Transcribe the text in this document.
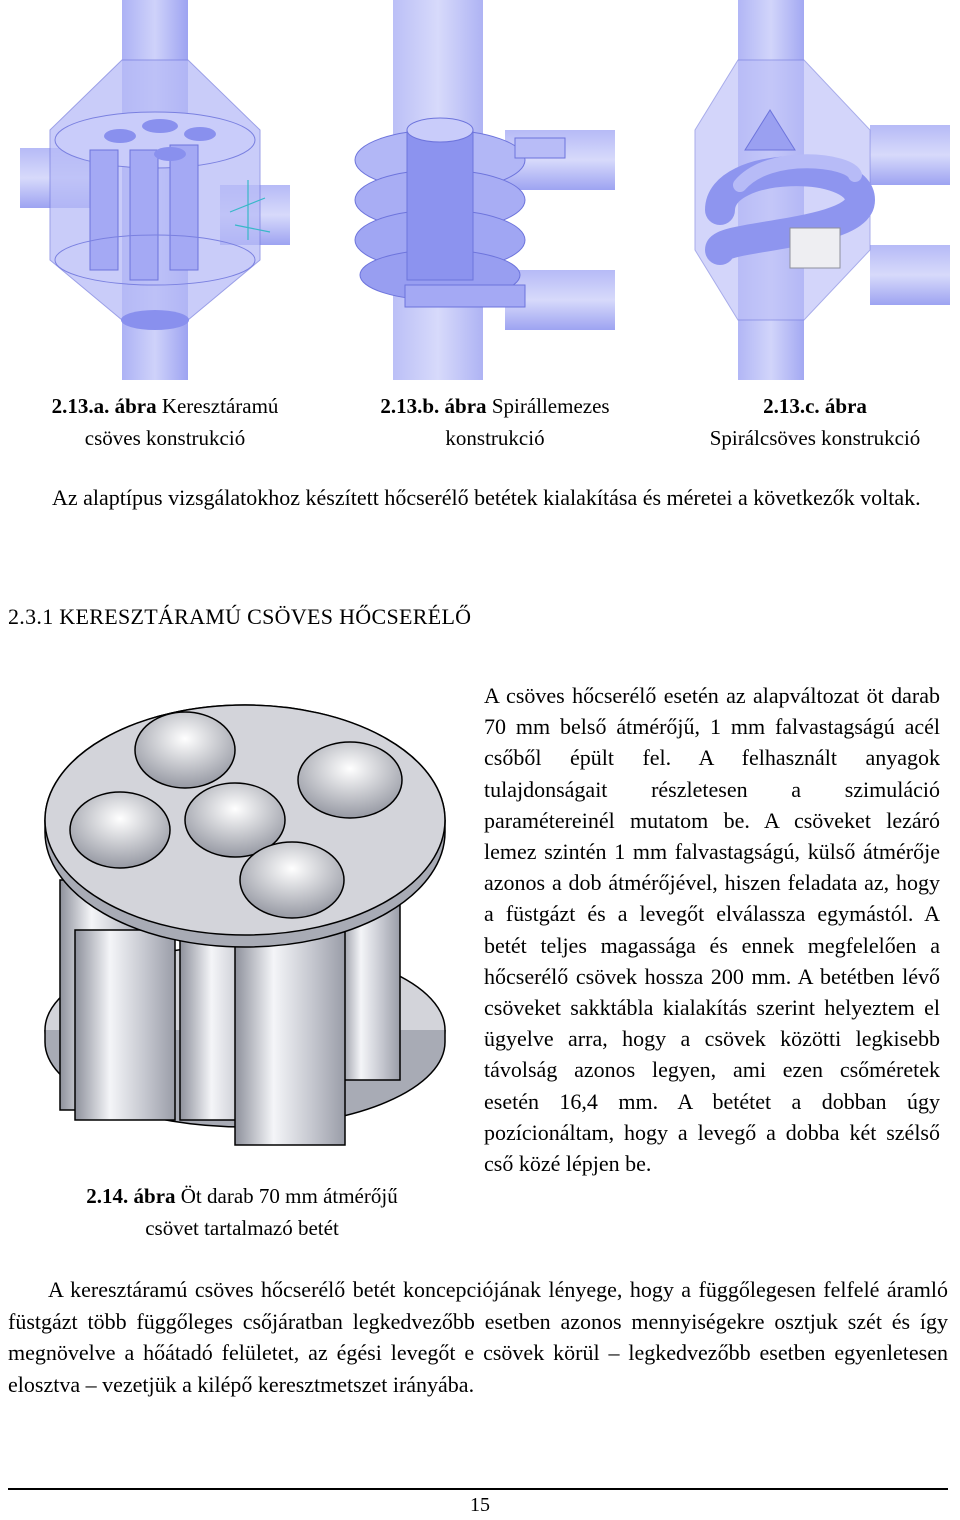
2.13.a. ábra Keresztáramú
csöves konstrukció
2.13.b. ábra Spirállemezes
konstrukció
2.13.c. ábra
Spirálcsöves konstrukció
Az alaptípus vizsgálatokhoz készített hőcserélő betétek kialakítása és méretei a következők voltak.
2.3.1 KERESZTÁRAMÚ CSÖVES HŐCSERÉLŐ
2.14. ábra Öt darab 70 mm átmérőjű
csövet tartalmazó betét
A csöves hőcserélő esetén az alapváltozat öt darab 70 mm belső átmérőjű, 1 mm falvastagságú acél csőből épült fel. A felhasznált anyagok tulajdonságait részletesen a szimuláció paramétereinél mutatom be. A csöveket lezáró lemez szintén 1 mm falvastagságú, külső átmérője azonos a dob átmérőjével, hiszen feladata az, hogy a füstgázt és a levegőt elválassza egymástól. A betét teljes magassága és ennek megfelelően a hőcserélő csövek hossza 200 mm. A betétben lévő csöveket sakktábla kialakítás szerint helyeztem el ügyelve arra, hogy a csövek közötti legkisebb távolság azonos legyen, ami ezen csőméretek esetén 16,4 mm. A betétet a dobban úgy pozícionáltam, hogy a levegő a dobba két szélső cső közé lépjen be.
A keresztáramú csöves hőcserélő betét koncepciójának lényege, hogy a függőlegesen felfelé áramló füstgázt több függőleges csőjáratban legkedvezőbb esetben azonos mennyiségekre osztjuk szét és így megnövelve a hőátadó felületet, az égési levegőt e csövek körül – legkedvezőbb esetben egyenletesen elosztva – vezetjük a kilépő keresztmetszet irányába.
15
